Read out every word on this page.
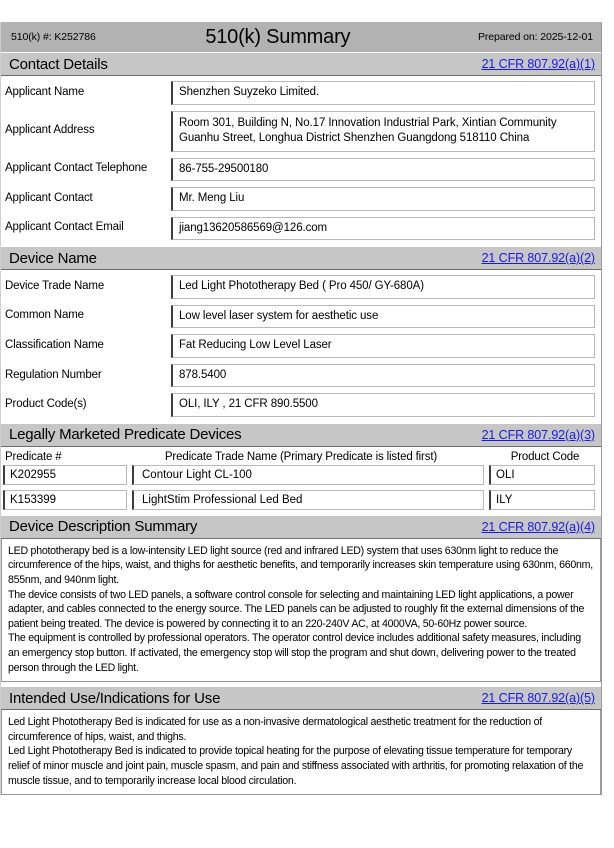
510(k) #: K252786	510(k) Summary	Prepared on: 2025-12-01
Contact Details	21 CFR 807.92(a)(1)
Applicant Name	Shenzhen Suyzeko Limited.
Applicant Address
Room 301, Building N, No.17 Innovation Industrial Park, Xintian Community Guanhu Street, Longhua District Shenzhen Guangdong 518110 China
Applicant Contact Telephone	86-755-29500180
Applicant Contact	Mr. Meng Liu
Applicant Contact Email	jiang13620586569@126.com
Device Name	21 CFR 807.92(a)(2)
Device Trade Name	Led Light Phototherapy Bed ( Pro 450/ GY-680A)
Common Name	Low level laser system for aesthetic use
Classification Name	Fat Reducing Low Level Laser
Regulation Number	878.5400
Product Code(s)	OLI, ILY , 21 CFR 890.5500
Legally Marketed Predicate Devices	21 CFR 807.92(a)(3)
Predicate #	Predicate Trade Name (Primary Predicate is listed first)	Product Code
K202955	Contour Light CL-100	OLI
K153399	LightStim Professional Led Bed	ILY
Device Description Summary	21 CFR 807.92(a)(4)

LED phototherapy bed is a low-intensity LED light source (red and infrared LED) system that uses 630nm light to reduce the circumference of the hips, waist, and thighs for aesthetic benefits, and temporarily increases skin temperature using 630nm, 660nm, 855nm, and 940nm light.

The device consists of two LED panels, a software control console for selecting and maintaining LED light applications, a power adapter, and cables connected to the energy source. The LED panels can be adjusted to roughly fit the external dimensions of the patient being treated. The device is powered by connecting it to an 220-240V AC, at 4000VA, 50-60Hz power source.

The equipment is controlled by professional operators. The operator control device includes additional safety measures, including an emergency stop button. If activated, the emergency stop will stop the program and shut down, delivering power to the treated person through the LED light.

Intended Use/Indications for Use	21 CFR 807.92(a)(5)

Led Light Phototherapy Bed is indicated for use as a non-invasive dermatological aesthetic treatment for the reduction of circumference of hips, waist, and thighs.

Led Light Phototherapy Bed is indicated to provide topical heating for the purpose of elevating tissue temperature for temporary relief of minor muscle and joint pain, muscle spasm, and pain and stiffness associated with arthritis, for promoting relaxation of the muscle tissue, and to temporarily increase local blood circulation.
